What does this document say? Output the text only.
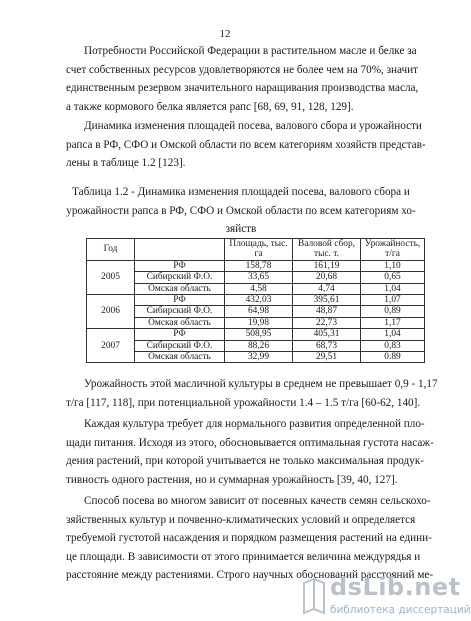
12

Потребности Российской Федерации в растительном масле и белке за
счет собственных ресурсов удовлетворяются не более чем на 70%, значит
единственным резервом значительного наращивания производства масла,
а также кормового белка является рапс [68, 69, 91, 128, 129].

Динамика изменения площадей посева, валового сбора и урожайности
рапса в РФ, СФО и Омской области по всем категориям хозяйств представ-
лены в таблице 1.2 [123].

Таблица 1.2 - Динамика изменения площадей посева, валового сбора и
урожайности рапса в РФ, СФО и Омской области по всем категориям хо-
зяйств

Год		Площадь, тыс. га	Валовой сбор, тыс. т.	Урожайность, т/га
2005	РФ	158,78	161,19	1,10
	Сибирский Ф.О.	33,65	20,68	0,65
	Омская область	4,58	4,74	1,04
2006	РФ	432,03	395,61	1,07
	Сибирский Ф.О.	64,98	48,87	0,89
	Омская область	19,98	22,73	1,17
2007	РФ	508,95	405,31	1,04
	Сибирский Ф.О.	88,26	68,73	0,83
	Омская область	32,99	29,51	0.89

Урожайность этой масличной культуры в среднем не превышает 0,9 - 1,17
т/га [117, 118], при потенциальной урожайности 1.4 – 1.5 т/га [60-62, 140].

Каждая культура требует для нормального развития определенной пло-
щади питания. Исходя из этого, обосновывается оптимальная густота насаж-
дения растений, при которой учитывается не только максимальная продук-
тивность одного растения, но и суммарная урожайность [39, 40, 127].

Способ посева во многом зависит от посевных качеств семян сельскохо-
зяйственных культур и почвенно-климатических условий и определяется
требуемой густотой насаждения и порядком размещения растений на едини-
це площади. В зависимости от этого принимается величина междурядья и
расстояние между растениями. Строго научных обоснований расстояний ме-

dsLib.net
библиотека диссертаций
